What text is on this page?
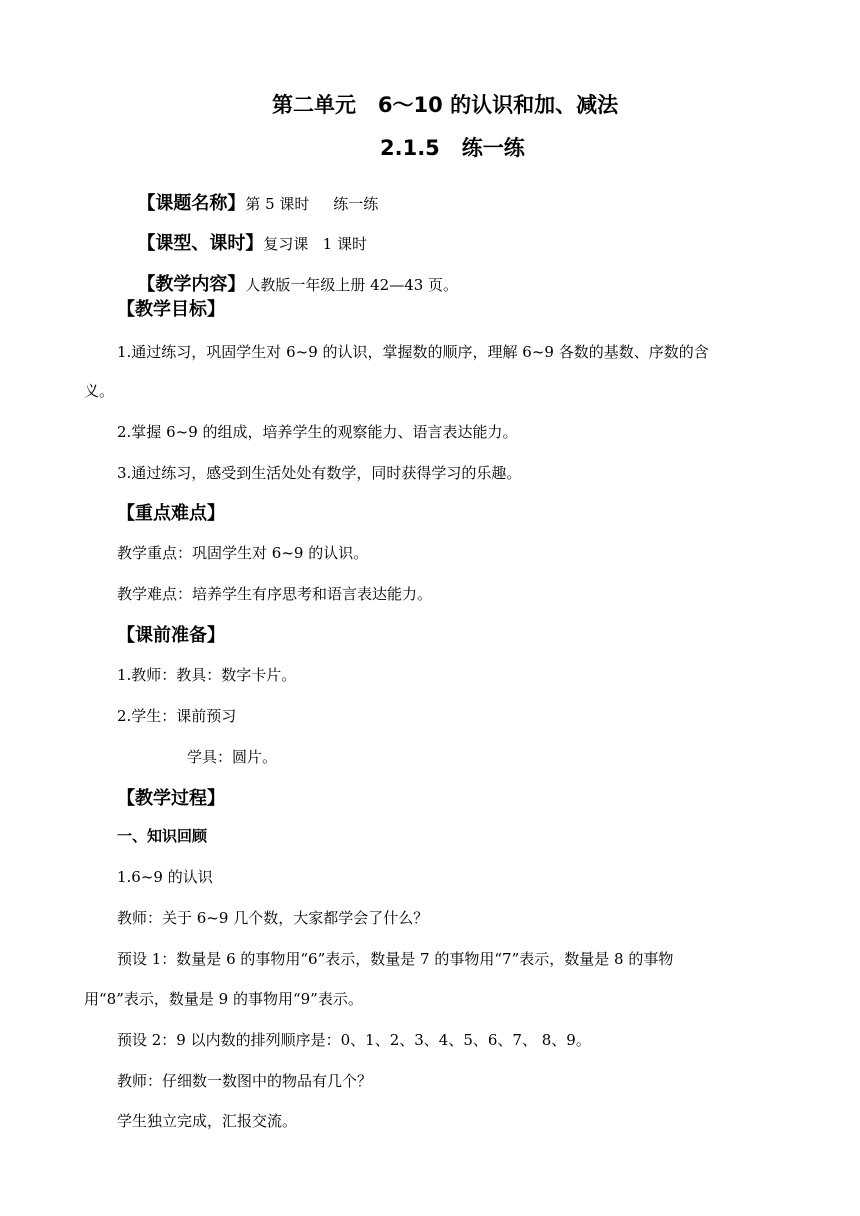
第二单元   6～10 的认识和加、减法
2.1.5   练一练

【课题名称】第 5 课时     练一练

【课型、课时】复习课   1 课时

【教学内容】人教版一年级上册 42—43 页。

【教学目标】
1.通过练习，巩固学生对 6~9 的认识，掌握数的顺序，理解 6~9 各数的基数、序数的含
义。
2.掌握 6~9 的组成，培养学生的观察能力、语言表达能力。
3.通过练习，感受到生活处处有数学，同时获得学习的乐趣。
【重点难点】
教学重点：巩固学生对 6~9 的认识。
教学难点：培养学生有序思考和语言表达能力。
【课前准备】
1.教师：教具：数字卡片。
2.学生：课前预习
学具：圆片。
【教学过程】
一、知识回顾
1.6~9 的认识
教师：关于 6~9 几个数，大家都学会了什么？
预设 1：数量是 6 的事物用“6”表示，数量是 7 的事物用“7”表示，数量是 8 的事物
用“8”表示，数量是 9 的事物用“9”表示。
预设 2：9 以内数的排列顺序是：0、1、2、3、4、5、6、7、 8、9。
教师：仔细数一数图中的物品有几个？
学生独立完成，汇报交流。
